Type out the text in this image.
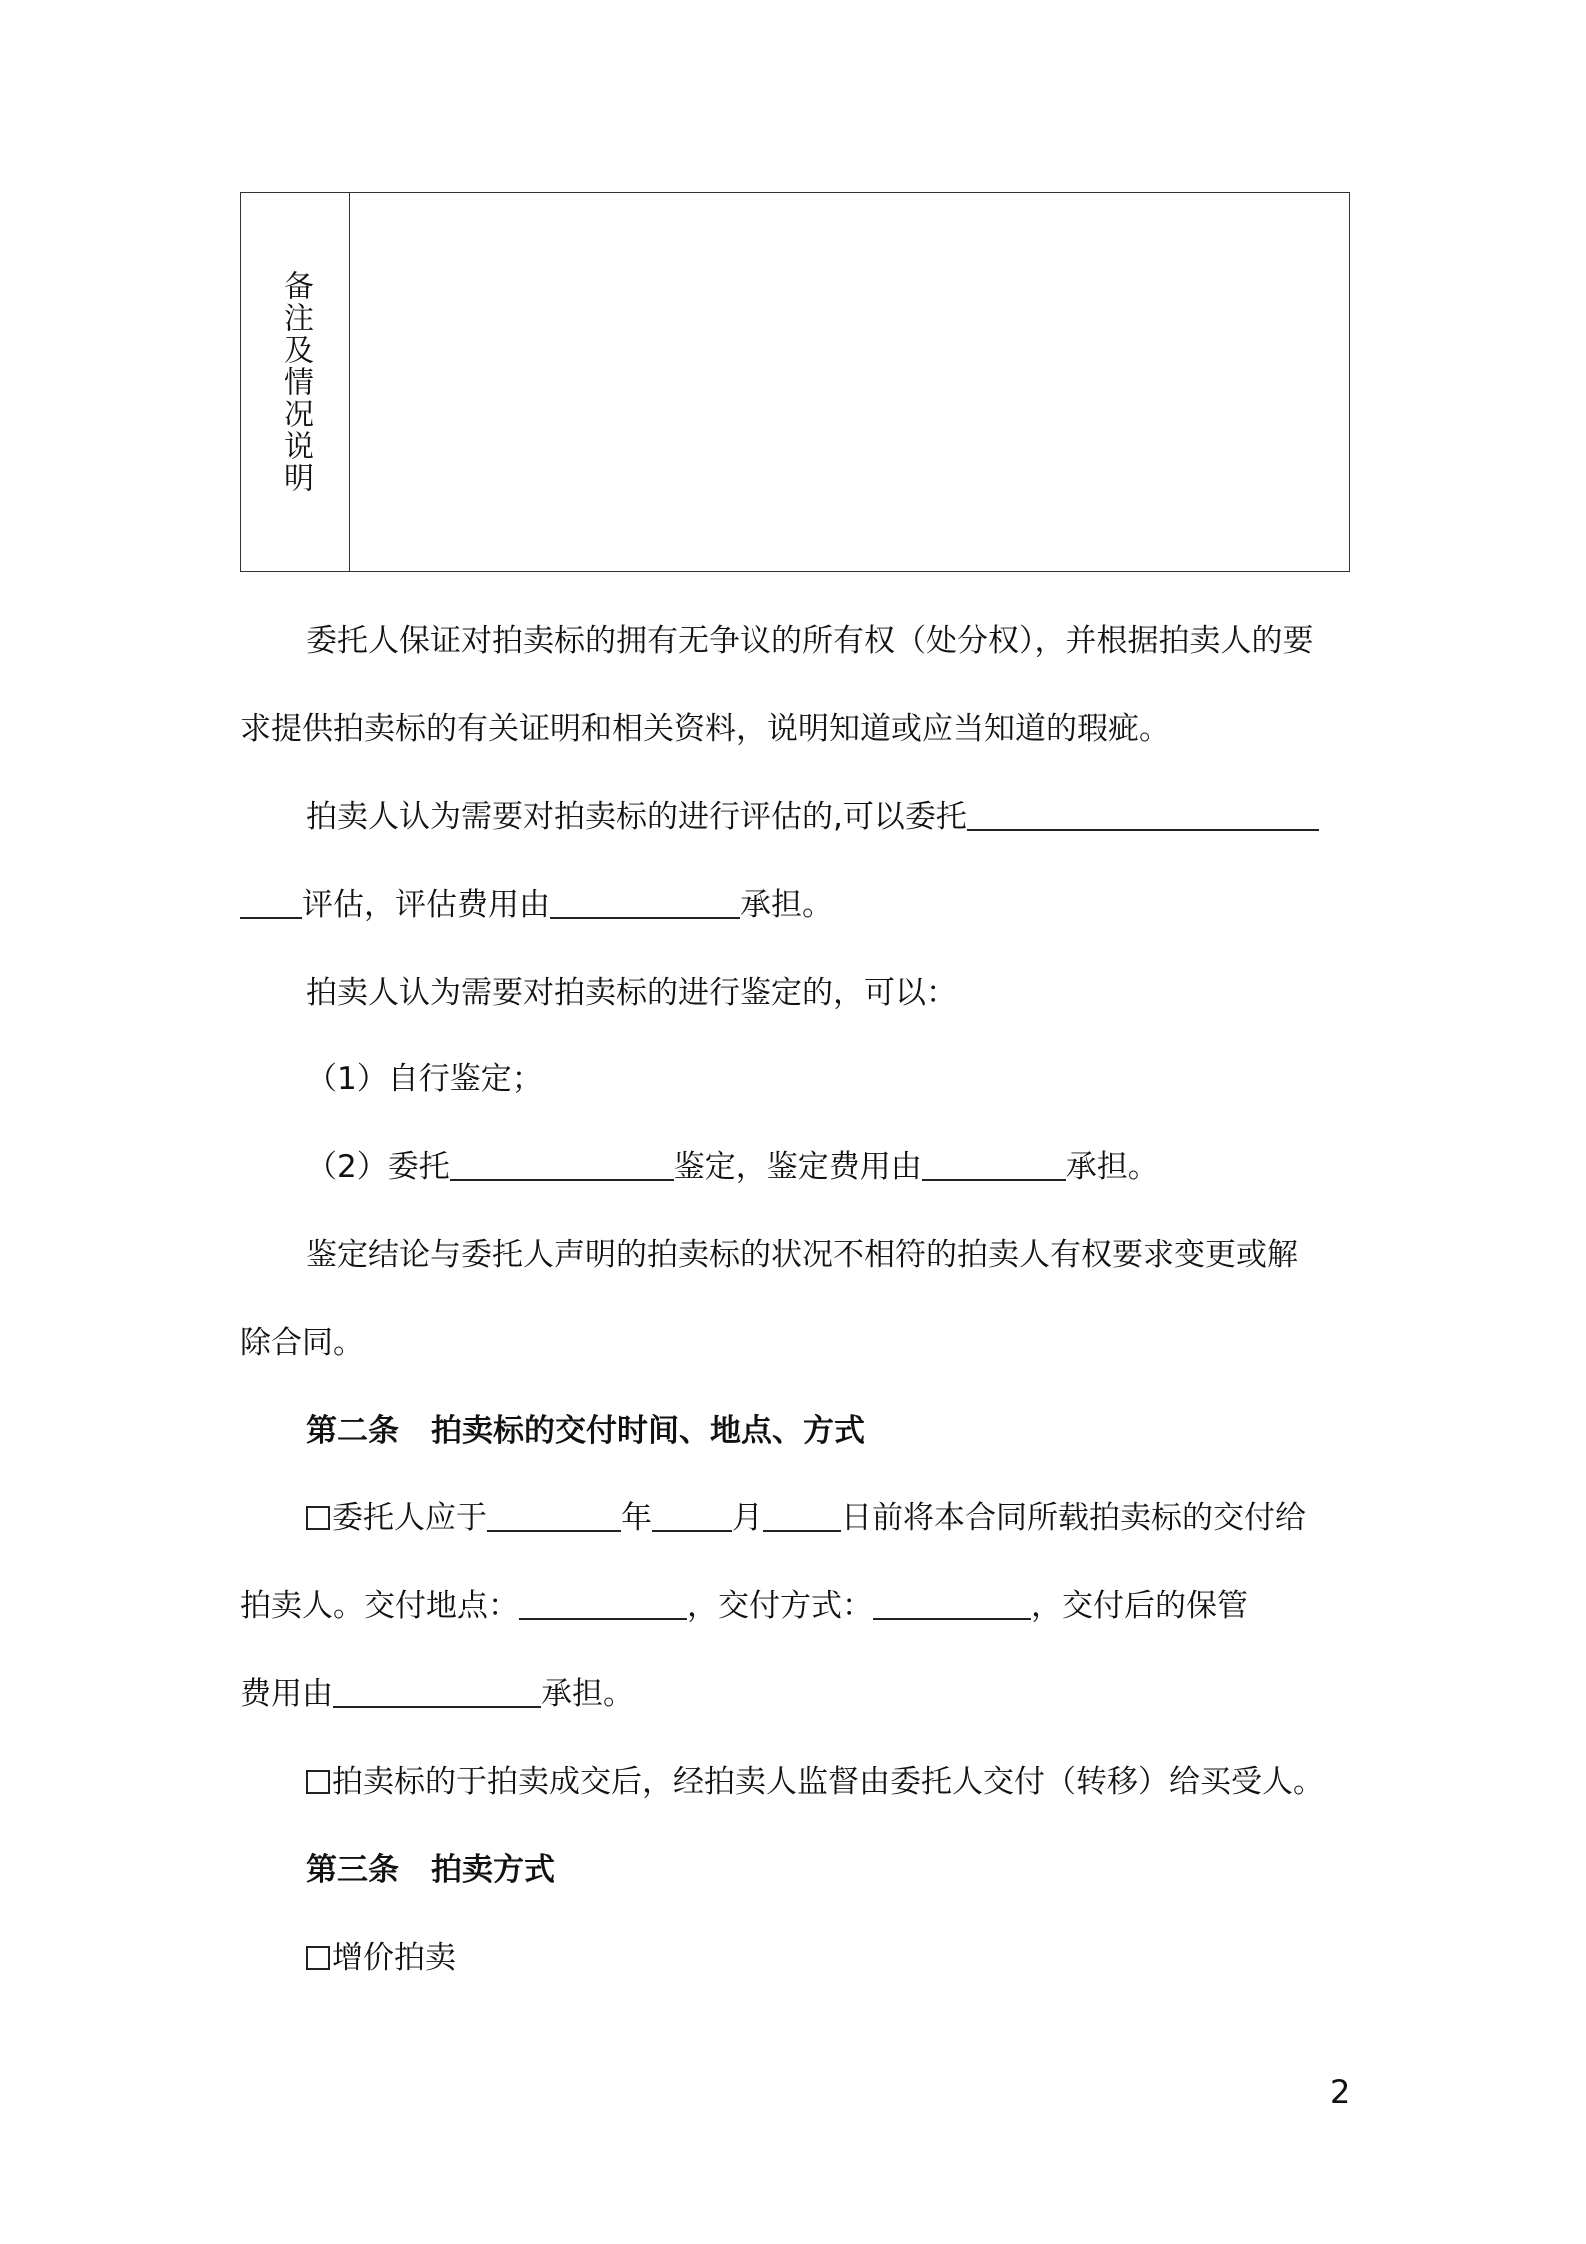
备注及情况说明
委托人保证对拍卖标的拥有无争议的所有权（处分权），并根据拍卖人的要
求提供拍卖标的有关证明和相关资料，说明知道或应当知道的瑕疵。
拍卖人认为需要对拍卖标的进行评估的,可以委托
评估，评估费用由	承担。
拍卖人认为需要对拍卖标的进行鉴定的，可以：
（1）自行鉴定；
（2）委托	鉴定，鉴定费用由	承担。
鉴定结论与委托人声明的拍卖标的状况不相符的拍卖人有权要求变更或解
除合同。
第二条 拍卖标的交付时间、地点、方式
委托人应于	年	月	日前将本合同所载拍卖标的交付给
拍卖人。交付地点：	，交付方式：	，交付后的保管
费用由	承担。
拍卖标的于拍卖成交后，经拍卖人监督由委托人交付（转移）给买受人。
第三条 拍卖方式
增价拍卖
2
